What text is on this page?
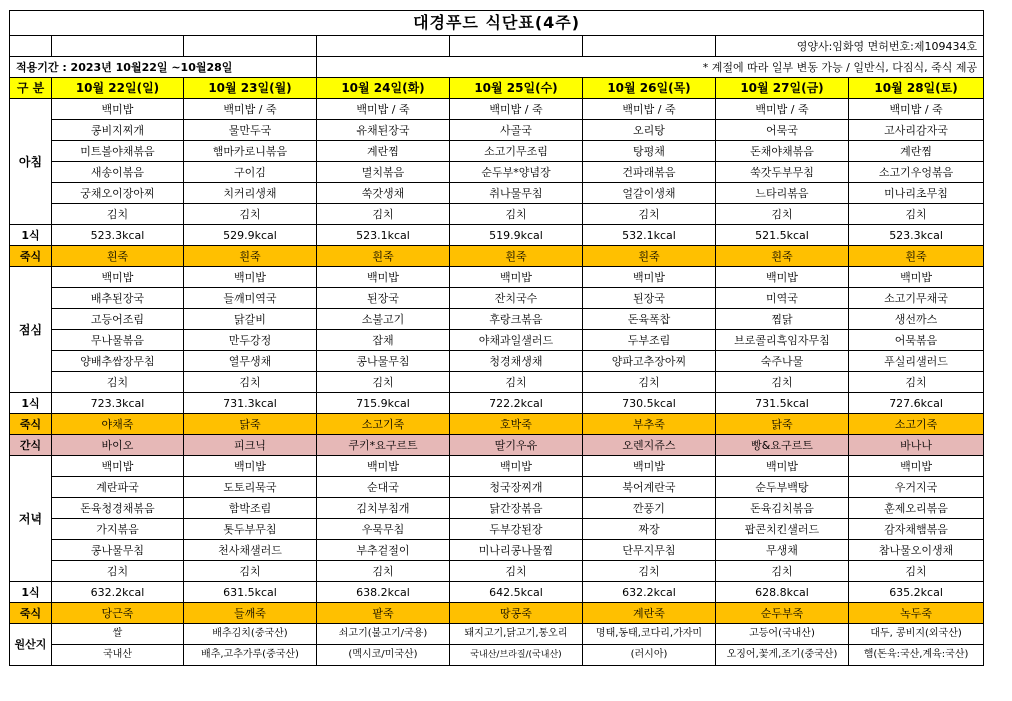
대경푸드 식단표(4주)							
						영양사:임화영 면허번호:제109434호	
적용기간 : 2023년 10월22일 ~10월28일			* 계절에 따라 일부 변동 가능 / 일반식, 다짐식, 죽식 제공				
구 분	10월 22일(일)	10월 23일(월)	10월 24일(화)	10월 25일(수)	10월 26일(목)	10월 27일(금)	10월 28일(토)
아침	백미밥	백미밥 / 죽	백미밥 / 죽	백미밥 / 죽	백미밥 / 죽	백미밥 / 죽	백미밥 / 죽
	콩비지찌개	물만두국	유채된장국	사골국	오리탕	어묵국	고사리감자국
	미트볼야채볶음	햄마카로니볶음	계란찜	소고기무조림	탕평채	돈채야채볶음	계란찜
	새송이볶음	구이김	멸치볶음	순두부*양념장	건파래볶음	쑥갓두부무침	소고기우엉볶음
	궁채오이장아찌	치커리생채	쑥갓생채	취나물무침	얼갈이생채	느타리볶음	미나리초무침
	김치	김치	김치	김치	김치	김치	김치
1식	523.3kcal	529.9kcal	523.1kcal	519.9kcal	532.1kcal	521.5kcal	523.3kcal
죽식	흰죽	흰죽	흰죽	흰죽	흰죽	흰죽	흰죽
점심	백미밥	백미밥	백미밥	백미밥	백미밥	백미밥	백미밥
	배추된장국	들깨미역국	된장국	잔치국수	된장국	미역국	소고기무채국
	고등어조림	닭갈비	소불고기	후랑크볶음	돈육폭찹	찜닭	생선까스
	무나물볶음	만두강정	잡채	야채과일샐러드	두부조림	브로콜리흑임자무침	어묵볶음
	양배추쌈장무침	열무생채	콩나물무침	청경채생채	양파고추장아찌	숙주나물	푸실리샐러드
	김치	김치	김치	김치	김치	김치	김치
1식	723.3kcal	731.3kcal	715.9kcal	722.2kcal	730.5kcal	731.5kcal	727.6kcal
죽식	야채죽	닭죽	소고기죽	호박죽	부추죽	닭죽	소고기죽
간식	바이오	피크닉	쿠키*요구르트	딸기우유	오렌지쥬스	빵&요구르트	바나나
저녁	백미밥	백미밥	백미밥	백미밥	백미밥	백미밥	백미밥
	계란파국	도토리묵국	순대국	청국장찌개	북어계란국	순두부백탕	우거지국
	돈육청경채볶음	함박조림	김치부침개	닭간장볶음	깐풍기	돈육김치볶음	훈제오리볶음
	가지볶음	톳두부무침	우묵무침	두부강된장	짜장	팝콘치킨샐러드	감자채햄볶음
	콩나물무침	천사채샐러드	부추겉절이	미나리콩나물찜	단무지무침	무생채	참나물오이생채
	김치	김치	김치	김치	김치	김치	김치
1식	632.2kcal	631.5kcal	638.2kcal	642.5kcal	632.2kcal	628.8kcal	635.2kcal
죽식	당근죽	들깨죽	팥죽	땅콩죽	계란죽	순두부죽	녹두죽
원산지	쌀	배추김치(중국산)	쇠고기(불고기/국용)	돼지고기,닭고기,통오리	명태,동태,코다리,가자미	고등어(국내산)	대두, 콩비지(외국산)
	국내산	배추,고추가루(중국산)	(멕시코/미국산)	국내산/브라질/(국내산)	(러시아)	오징어,꽃게,조기(중국산)	햄(돈육:국산,계육:국산)
